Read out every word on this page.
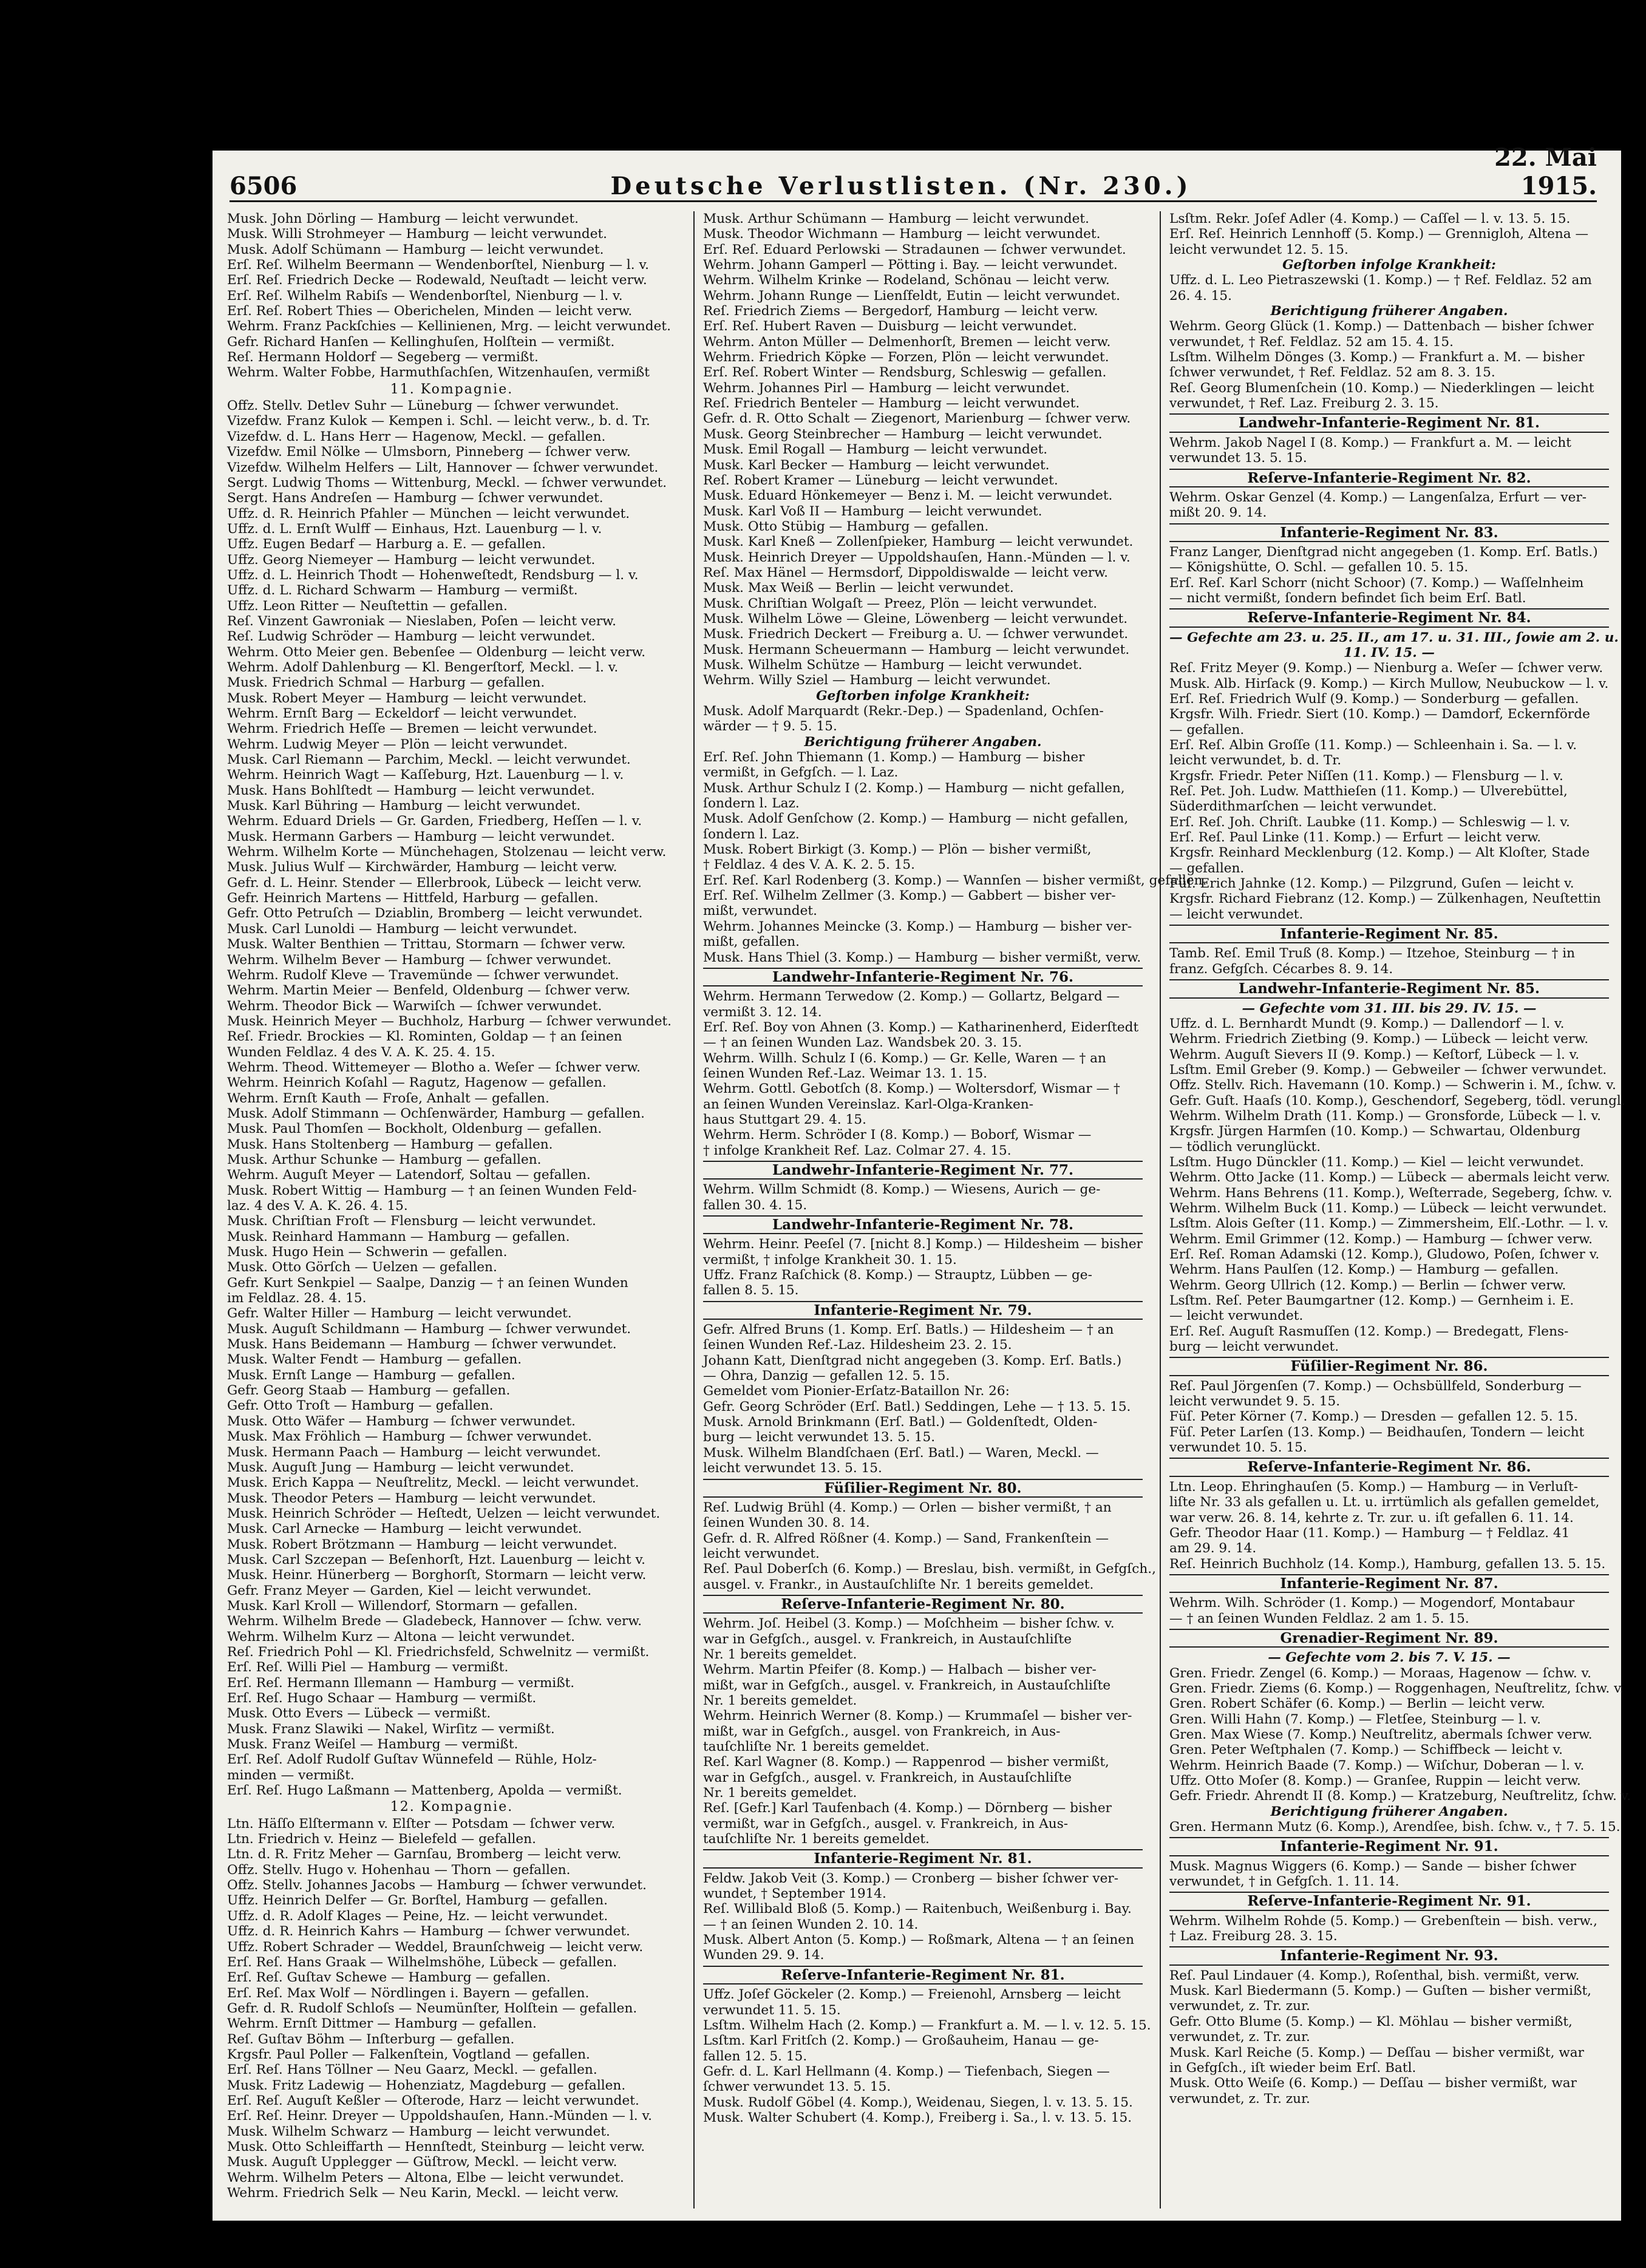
6506	Deutsche Verlustlisten. (Nr. 230.)
22. Mai 1915.
Musk. John Dörling — Hamburg — leicht verwundet.
Musk. Willi Strohmeyer — Hamburg — leicht verwundet.
Musk. Adolf Schümann — Hamburg — leicht verwundet.
Erſ. Reſ. Wilhelm Beermann — Wendenborſtel, Nienburg — l. v.
Erſ. Reſ. Friedrich Decke — Rodewald, Neuſtadt — leicht verw.
Erſ. Reſ. Wilhelm Rabiſs — Wendenborſtel, Nienburg — l. v.
Erſ. Reſ. Robert Thies — Oberichelen, Minden — leicht verw.
Wehrm. Franz Packſchies — Kellinienen, Mrg. — leicht verwundet.
Gefr. Richard Hanſen — Kellinghuſen, Holſtein — vermißt.
Reſ. Hermann Holdorf — Segeberg — vermißt.
Wehrm. Walter Fobbe, Harmuthſachſen, Witzenhauſen, vermißt
11. Kompagnie.
Offz. Stellv. Detlev Suhr — Lüneburg — ſchwer verwundet.
Vizefdw. Franz Kulok — Kempen i. Schl. — leicht verw., b. d. Tr.
Vizefdw. d. L. Hans Herr — Hagenow, Meckl. — gefallen.
Vizefdw. Emil Nölke — Ulmsborn, Pinneberg — ſchwer verw.
Vizefdw. Wilhelm Helfers — Lilt, Hannover — ſchwer verwundet.
Sergt. Ludwig Thoms — Wittenburg, Meckl. — ſchwer verwundet.
Sergt. Hans Andreſen — Hamburg — ſchwer verwundet.
Uffz. d. R. Heinrich Pfahler — München — leicht verwundet.
Uffz. d. L. Ernſt Wulff — Einhaus, Hzt. Lauenburg — l. v.
Uffz. Eugen Bedarf — Harburg a. E. — gefallen.
Uffz. Georg Niemeyer — Hamburg — leicht verwundet.
Uffz. d. L. Heinrich Thodt — Hohenweſtedt, Rendsburg — l. v.
Uffz. d. L. Richard Schwarm — Hamburg — vermißt.
Uffz. Leon Ritter — Neuſtettin — gefallen.
Reſ. Vinzent Gawroniak — Nieslaben, Poſen — leicht verw.
Reſ. Ludwig Schröder — Hamburg — leicht verwundet.
Wehrm. Otto Meier gen. Bebenſee — Oldenburg — leicht verw.
Wehrm. Adolf Dahlenburg — Kl. Bengerſtorf, Meckl. — l. v.
Musk. Friedrich Schmal — Harburg — gefallen.
Musk. Robert Meyer — Hamburg — leicht verwundet.
Wehrm. Ernſt Barg — Eckeldorf — leicht verwundet.
Wehrm. Friedrich Heſſe — Bremen — leicht verwundet.
Wehrm. Ludwig Meyer — Plön — leicht verwundet.
Musk. Carl Riemann — Parchim, Meckl. — leicht verwundet.
Wehrm. Heinrich Wagt — Kaſſeburg, Hzt. Lauenburg — l. v.
Musk. Hans Bohlſtedt — Hamburg — leicht verwundet.
Musk. Karl Bühring — Hamburg — leicht verwundet.
Wehrm. Eduard Driels — Gr. Garden, Friedberg, Heſſen — l. v.
Musk. Hermann Garbers — Hamburg — leicht verwundet.
Wehrm. Wilhelm Korte — Münchehagen, Stolzenau — leicht verw.
Musk. Julius Wulf — Kirchwärder, Hamburg — leicht verw.
Gefr. d. L. Heinr. Stender — Ellerbrook, Lübeck — leicht verw.
Gefr. Heinrich Martens — Hittfeld, Harburg — gefallen.
Gefr. Otto Petruſch — Dziablin, Bromberg — leicht verwundet.
Musk. Carl Lunoldi — Hamburg — leicht verwundet.
Musk. Walter Benthien — Trittau, Stormarn — ſchwer verw.
Wehrm. Wilhelm Bever — Hamburg — ſchwer verwundet.
Wehrm. Rudolf Kleve — Travemünde — ſchwer verwundet.
Wehrm. Martin Meier — Benfeld, Oldenburg — ſchwer verw.
Wehrm. Theodor Bick — Warwiſch — ſchwer verwundet.
Musk. Heinrich Meyer — Buchholz, Harburg — ſchwer verwundet.
Reſ. Friedr. Brockies — Kl. Rominten, Goldap — † an ſeinen
Wunden Feldlaz. 4 des V. A. K. 25. 4. 15.
Wehrm. Theod. Wittemeyer — Blotho a. Weſer — ſchwer verw.
Wehrm. Heinrich Koſahl — Ragutz, Hagenow — gefallen.
Wehrm. Ernſt Kauth — Froſe, Anhalt — gefallen.
Musk. Adolf Stimmann — Ochſenwärder, Hamburg — gefallen.
Musk. Paul Thomſen — Bockholt, Oldenburg — gefallen.
Musk. Hans Stoltenberg — Hamburg — gefallen.
Musk. Arthur Schunke — Hamburg — gefallen.
Wehrm. Auguſt Meyer — Latendorf, Soltau — gefallen.
Musk. Robert Wittig — Hamburg — † an ſeinen Wunden Feld-
laz. 4 des V. A. K. 26. 4. 15.
Musk. Chriſtian Froſt — Flensburg — leicht verwundet.
Musk. Reinhard Hammann — Hamburg — gefallen.
Musk. Hugo Hein — Schwerin — gefallen.
Musk. Otto Görſch — Uelzen — gefallen.
Gefr. Kurt Senkpiel — Saalpe, Danzig — † an ſeinen Wunden
im Feldlaz. 28. 4. 15.
Gefr. Walter Hiller — Hamburg — leicht verwundet.
Musk. Auguſt Schildmann — Hamburg — ſchwer verwundet.
Musk. Hans Beidemann — Hamburg — ſchwer verwundet.
Musk. Walter Fendt — Hamburg — gefallen.
Musk. Ernſt Lange — Hamburg — gefallen.
Gefr. Georg Staab — Hamburg — gefallen.
Gefr. Otto Troſt — Hamburg — gefallen.
Musk. Otto Wäfer — Hamburg — ſchwer verwundet.
Musk. Max Fröhlich — Hamburg — ſchwer verwundet.
Musk. Hermann Paach — Hamburg — leicht verwundet.
Musk. Auguſt Jung — Hamburg — leicht verwundet.
Musk. Erich Kappa — Neuſtrelitz, Meckl. — leicht verwundet.
Musk. Theodor Peters — Hamburg — leicht verwundet.
Musk. Heinrich Schröder — Heſtedt, Uelzen — leicht verwundet.
Musk. Carl Arnecke — Hamburg — leicht verwundet.
Musk. Robert Brötzmann — Hamburg — leicht verwundet.
Musk. Carl Szczepan — Beſenhorſt, Hzt. Lauenburg — leicht v.
Musk. Heinr. Hünerberg — Borghorſt, Stormarn — leicht verw.
Gefr. Franz Meyer — Garden, Kiel — leicht verwundet.
Musk. Karl Kroll — Willendorf, Stormarn — gefallen.
Wehrm. Wilhelm Brede — Gladebeck, Hannover — ſchw. verw.
Wehrm. Wilhelm Kurz — Altona — leicht verwundet.
Reſ. Friedrich Pohl — Kl. Friedrichsfeld, Schwelnitz — vermißt.
Erſ. Reſ. Willi Piel — Hamburg — vermißt.
Erſ. Reſ. Hermann Illemann — Hamburg — vermißt.
Erſ. Reſ. Hugo Schaar — Hamburg — vermißt.
Musk. Otto Evers — Lübeck — vermißt.
Musk. Franz Slawiki — Nakel, Wirſitz — vermißt.
Musk. Franz Weiſel — Hamburg — vermißt.
Erſ. Reſ. Adolf Rudolf Guſtav Wünnefeld — Rühle, Holz-
minden — vermißt.
Erſ. Reſ. Hugo Laßmann — Mattenberg, Apolda — vermißt.
12. Kompagnie.
Ltn. Häſſo Elſtermann v. Elſter — Potsdam — ſchwer verw.
Ltn. Friedrich v. Heinz — Bielefeld — gefallen.
Ltn. d. R. Fritz Meher — Garnſau, Bromberg — leicht verw.
Offz. Stellv. Hugo v. Hohenhau — Thorn — gefallen.
Offz. Stellv. Johannes Jacobs — Hamburg — ſchwer verwundet.
Uffz. Heinrich Delfer — Gr. Borſtel, Hamburg — gefallen.
Uffz. d. R. Adolf Klages — Peine, Hz. — leicht verwundet.
Uffz. d. R. Heinrich Kahrs — Hamburg — ſchwer verwundet.
Uffz. Robert Schrader — Weddel, Braunſchweig — leicht verw.
Erſ. Reſ. Hans Graak — Wilhelmshöhe, Lübeck — gefallen.
Erſ. Reſ. Guſtav Schewe — Hamburg — gefallen.
Erſ. Reſ. Max Wolf — Nördlingen i. Bayern — gefallen.
Gefr. d. R. Rudolf Schloſs — Neumünſter, Holſtein — gefallen.
Wehrm. Ernſt Dittmer — Hamburg — gefallen.
Reſ. Guſtav Böhm — Inſterburg — gefallen.
Krgsfr. Paul Poller — Falkenſtein, Vogtland — gefallen.
Erſ. Reſ. Hans Töllner — Neu Gaarz, Meckl. — gefallen.
Musk. Fritz Ladewig — Hohenziatz, Magdeburg — gefallen.
Erſ. Reſ. Auguſt Keßler — Oſterode, Harz — leicht verwundet.
Erſ. Reſ. Heinr. Dreyer — Uppoldshauſen, Hann.-Münden — l. v.
Musk. Wilhelm Schwarz — Hamburg — leicht verwundet.
Musk. Otto Schleiffarth — Hennſtedt, Steinburg — leicht verw.
Musk. Auguſt Upplegger — Güſtrow, Meckl. — leicht verw.
Wehrm. Wilhelm Peters — Altona, Elbe — leicht verwundet.
Wehrm. Friedrich Selk — Neu Karin, Meckl. — leicht verw.
Musk. Arthur Schümann — Hamburg — leicht verwundet.
Musk. Theodor Wichmann — Hamburg — leicht verwundet.
Erſ. Reſ. Eduard Perlowski — Stradaunen — ſchwer verwundet.
Wehrm. Johann Gamperl — Pötting i. Bay. — leicht verwundet.
Wehrm. Wilhelm Krinke — Rodeland, Schönau — leicht verw.
Wehrm. Johann Runge — Lienſfeldt, Eutin — leicht verwundet.
Reſ. Friedrich Ziems — Bergedorf, Hamburg — leicht verw.
Erſ. Reſ. Hubert Raven — Duisburg — leicht verwundet.
Wehrm. Anton Müller — Delmenhorſt, Bremen — leicht verw.
Wehrm. Friedrich Köpke — Forzen, Plön — leicht verwundet.
Erſ. Reſ. Robert Winter — Rendsburg, Schleswig — gefallen.
Wehrm. Johannes Pirl — Hamburg — leicht verwundet.
Reſ. Friedrich Benteler — Hamburg — leicht verwundet.
Gefr. d. R. Otto Schalt — Ziegenort, Marienburg — ſchwer verw.
Musk. Georg Steinbrecher — Hamburg — leicht verwundet.
Musk. Emil Rogall — Hamburg — leicht verwundet.
Musk. Karl Becker — Hamburg — leicht verwundet.
Reſ. Robert Kramer — Lüneburg — leicht verwundet.
Musk. Eduard Hönkemeyer — Benz i. M. — leicht verwundet.
Musk. Karl Voß II — Hamburg — leicht verwundet.
Musk. Otto Stübig — Hamburg — gefallen.
Musk. Karl Kneß — Zollenſpieker, Hamburg — leicht verwundet.
Musk. Heinrich Dreyer — Uppoldshauſen, Hann.-Münden — l. v.
Reſ. Max Hänel — Hermsdorf, Dippoldiswalde — leicht verw.
Musk. Max Weiß — Berlin — leicht verwundet.
Musk. Chriſtian Wolgaſt — Preez, Plön — leicht verwundet.
Musk. Wilhelm Löwe — Gleine, Löwenberg — leicht verwundet.
Musk. Friedrich Deckert — Freiburg a. U. — ſchwer verwundet.
Musk. Hermann Scheuermann — Hamburg — leicht verwundet.
Musk. Wilhelm Schütze — Hamburg — leicht verwundet.
Wehrm. Willy Sziel — Hamburg — leicht verwundet.
Geſtorben infolge Krankheit:
Musk. Adolf Marquardt (Rekr.-Dep.) — Spadenland, Ochſen-
wärder — † 9. 5. 15.
Berichtigung früherer Angaben.
Erſ. Reſ. John Thiemann (1. Komp.) — Hamburg — bisher
vermißt, in Gefgſch. — l. Laz.
Musk. Arthur Schulz I (2. Komp.) — Hamburg — nicht gefallen,
ſondern l. Laz.
Musk. Adolf Genſchow (2. Komp.) — Hamburg — nicht gefallen,
ſondern l. Laz.
Musk. Robert Birkigt (3. Komp.) — Plön — bisher vermißt,
† Feldlaz. 4 des V. A. K. 2. 5. 15.
Erſ. Reſ. Karl Rodenberg (3. Komp.) — Wannſen — bisher vermißt, gefallen.
Erſ. Reſ. Wilhelm Zellmer (3. Komp.) — Gabbert — bisher ver-
mißt, verwundet.
Wehrm. Johannes Meincke (3. Komp.) — Hamburg — bisher ver-
mißt, gefallen.
Musk. Hans Thiel (3. Komp.) — Hamburg — bisher vermißt, verw.
Landwehr-Infanterie-Regiment Nr. 76.
Wehrm. Hermann Terwedow (2. Komp.) — Gollartz, Belgard —
vermißt 3. 12. 14.
Erſ. Reſ. Boy von Ahnen (3. Komp.) — Katharinenherd, Eiderſtedt
— † an ſeinen Wunden Laz. Wandsbek 20. 3. 15.
Wehrm. Willh. Schulz I (6. Komp.) — Gr. Kelle, Waren — † an
ſeinen Wunden Ref.-Laz. Weimar 13. 1. 15.
Wehrm. Gottl. Gebotſch (8. Komp.) — Woltersdorf, Wismar — †
an ſeinen Wunden Vereinslaz. Karl-Olga-Kranken-
haus Stuttgart 29. 4. 15.
Wehrm. Herm. Schröder I (8. Komp.) — Boborf, Wismar —
† infolge Krankheit Ref. Laz. Colmar 27. 4. 15.
Landwehr-Infanterie-Regiment Nr. 77.
Wehrm. Willm Schmidt (8. Komp.) — Wiesens, Aurich — ge-
fallen 30. 4. 15.
Landwehr-Infanterie-Regiment Nr. 78.
Wehrm. Heinr. Peeſel (7. [nicht 8.] Komp.) — Hildesheim — bisher
vermißt, † infolge Krankheit 30. 1. 15.
Uffz. Franz Raſchick (8. Komp.) — Strauptz, Lübben — ge-
fallen 8. 5. 15.
Infanterie-Regiment Nr. 79.
Gefr. Alfred Bruns (1. Komp. Erſ. Batls.) — Hildesheim — † an
ſeinen Wunden Ref.-Laz. Hildesheim 23. 2. 15.
Johann Katt, Dienſtgrad nicht angegeben (3. Komp. Erſ. Batls.)
— Ohra, Danzig — gefallen 12. 5. 15.
Gemeldet vom Pionier-Erſatz-Bataillon Nr. 26:
Gefr. Georg Schröder (Erſ. Batl.) Seddingen, Lehe — † 13. 5. 15.
Musk. Arnold Brinkmann (Erſ. Batl.) — Goldenſtedt, Olden-
burg — leicht verwundet 13. 5. 15.
Musk. Wilhelm Blandſchaen (Erſ. Batl.) — Waren, Meckl. —
leicht verwundet 13. 5. 15.
Füſilier-Regiment Nr. 80.
Reſ. Ludwig Brühl (4. Komp.) — Orlen — bisher vermißt, † an
ſeinen Wunden 30. 8. 14.
Gefr. d. R. Alfred Rößner (4. Komp.) — Sand, Frankenſtein —
leicht verwundet.
Reſ. Paul Doberſch (6. Komp.) — Breslau, bish. vermißt, in Gefgſch.,
ausgel. v. Frankr., in Austauſchliſte Nr. 1 bereits gemeldet.
Reſerve-Infanterie-Regiment Nr. 80.
Wehrm. Joſ. Heibel (3. Komp.) — Moſchheim — bisher ſchw. v.
war in Gefgſch., ausgel. v. Frankreich, in Austauſchliſte
Nr. 1 bereits gemeldet.
Wehrm. Martin Pfeifer (8. Komp.) — Halbach — bisher ver-
mißt, war in Gefgſch., ausgel. v. Frankreich, in Austauſchliſte
Nr. 1 bereits gemeldet.
Wehrm. Heinrich Werner (8. Komp.) — Krummaſel — bisher ver-
mißt, war in Gefgſch., ausgel. von Frankreich, in Aus-
tauſchliſte Nr. 1 bereits gemeldet.
Reſ. Karl Wagner (8. Komp.) — Rappenrod — bisher vermißt,
war in Gefgſch., ausgel. v. Frankreich, in Austauſchliſte
Nr. 1 bereits gemeldet.
Reſ. [Gefr.] Karl Taufenbach (4. Komp.) — Dörnberg — bisher
vermißt, war in Gefgſch., ausgel. v. Frankreich, in Aus-
tauſchliſte Nr. 1 bereits gemeldet.
Infanterie-Regiment Nr. 81.
Feldw. Jakob Veit (3. Komp.) — Cronberg — bisher ſchwer ver-
wundet, † September 1914.
Reſ. Willibald Bloß (5. Komp.) — Raitenbuch, Weißenburg i. Bay.
— † an ſeinen Wunden 2. 10. 14.
Musk. Albert Anton (5. Komp.) — Roßmark, Altena — † an ſeinen
Wunden 29. 9. 14.
Reſerve-Infanterie-Regiment Nr. 81.
Uffz. Joſef Göckeler (2. Komp.) — Freienohl, Arnsberg — leicht
verwundet 11. 5. 15.
Lsſtm. Wilhelm Hach (2. Komp.) — Frankfurt a. M. — l. v. 12. 5. 15.
Lsſtm. Karl Fritſch (2. Komp.) — Großauheim, Hanau — ge-
fallen 12. 5. 15.
Gefr. d. L. Karl Hellmann (4. Komp.) — Tiefenbach, Siegen —
ſchwer verwundet 13. 5. 15.
Musk. Rudolf Göbel (4. Komp.), Weidenau, Siegen, l. v. 13. 5. 15.
Musk. Walter Schubert (4. Komp.), Freiberg i. Sa., l. v. 13. 5. 15.
Lsſtm. Rekr. Joſef Adler (4. Komp.) — Caſſel — l. v. 13. 5. 15.
Erſ. Reſ. Heinrich Lennhoff (5. Komp.) — Grennigloh, Altena —
leicht verwundet 12. 5. 15.
Geſtorben infolge Krankheit:
Uffz. d. L. Leo Pietraszewski (1. Komp.) — † Ref. Feldlaz. 52 am
26. 4. 15.
Berichtigung früherer Angaben.
Wehrm. Georg Glück (1. Komp.) — Dattenbach — bisher ſchwer
verwundet, † Ref. Feldlaz. 52 am 15. 4. 15.
Lsſtm. Wilhelm Dönges (3. Komp.) — Frankfurt a. M. — bisher
ſchwer verwundet, † Ref. Feldlaz. 52 am 8. 3. 15.
Reſ. Georg Blumenſchein (10. Komp.) — Niederklingen — leicht
verwundet, † Ref. Laz. Freiburg 2. 3. 15.
Landwehr-Infanterie-Regiment Nr. 81.
Wehrm. Jakob Nagel I (8. Komp.) — Frankfurt a. M. — leicht
verwundet 13. 5. 15.
Reſerve-Infanterie-Regiment Nr. 82.
Wehrm. Oskar Genzel (4. Komp.) — Langenſalza, Erfurt — ver-
mißt 20. 9. 14.
Infanterie-Regiment Nr. 83.
Franz Langer, Dienſtgrad nicht angegeben (1. Komp. Erſ. Batls.)
— Königshütte, O. Schl. — gefallen 10. 5. 15.
Erſ. Reſ. Karl Schorr (nicht Schoor) (7. Komp.) — Waſſelnheim
— nicht vermißt, ſondern befindet ſich beim Erſ. Batl.
Reſerve-Infanterie-Regiment Nr. 84.
— Gefechte am 23. u. 25. II., am 17. u. 31. III., ſowie am 2. u.
11. IV. 15. —
Reſ. Fritz Meyer (9. Komp.) — Nienburg a. Weſer — ſchwer verw.
Musk. Alb. Hirſack (9. Komp.) — Kirch Mullow, Neubuckow — l. v.
Erſ. Reſ. Friedrich Wulf (9. Komp.) — Sonderburg — gefallen.
Krgsfr. Wilh. Friedr. Siert (10. Komp.) — Damdorf, Eckernförde
— gefallen.
Erſ. Reſ. Albin Groſſe (11. Komp.) — Schleenhain i. Sa. — l. v.
leicht verwundet, b. d. Tr.
Krgsfr. Friedr. Peter Niſſen (11. Komp.) — Flensburg — l. v.
Reſ. Pet. Joh. Ludw. Matthieſen (11. Komp.) — Ulverebüttel,
Süderdithmarſchen — leicht verwundet.
Erſ. Reſ. Joh. Chriſt. Laubke (11. Komp.) — Schleswig — l. v.
Erſ. Reſ. Paul Linke (11. Komp.) — Erfurt — leicht verw.
Krgsfr. Reinhard Mecklenburg (12. Komp.) — Alt Kloſter, Stade
— gefallen.
Füſ. Erich Jahnke (12. Komp.) — Pilzgrund, Guſen — leicht v.
Krgsfr. Richard Fiebranz (12. Komp.) — Zülkenhagen, Neuſtettin
— leicht verwundet.
Infanterie-Regiment Nr. 85.
Tamb. Reſ. Emil Truß (8. Komp.) — Itzehoe, Steinburg — † in
franz. Gefgſch. Cécarbes 8. 9. 14.
Landwehr-Infanterie-Regiment Nr. 85.
— Gefechte vom 31. III. bis 29. IV. 15. —
Uffz. d. L. Bernhardt Mundt (9. Komp.) — Dallendorf — l. v.
Wehrm. Friedrich Zietbing (9. Komp.) — Lübeck — leicht verw.
Wehrm. Auguſt Sievers II (9. Komp.) — Keſtorf, Lübeck — l. v.
Lsſtm. Emil Greber (9. Komp.) — Gebweiler — ſchwer verwundet.
Offz. Stellv. Rich. Havemann (10. Komp.) — Schwerin i. M., ſchw. v.
Gefr. Guſt. Haaſs (10. Komp.), Geschendorf, Segeberg, tödl. verungl.
Wehrm. Wilhelm Drath (11. Komp.) — Gronsforde, Lübeck — l. v.
Krgsfr. Jürgen Harmſen (10. Komp.) — Schwartau, Oldenburg
— tödlich verunglückt.
Lsſtm. Hugo Dünckler (11. Komp.) — Kiel — leicht verwundet.
Wehrm. Otto Jacke (11. Komp.) — Lübeck — abermals leicht verw.
Wehrm. Hans Behrens (11. Komp.), Weſterrade, Segeberg, ſchw. v.
Wehrm. Wilhelm Buck (11. Komp.) — Lübeck — leicht verwundet.
Lsſtm. Alois Geſter (11. Komp.) — Zimmersheim, Elſ.-Lothr. — l. v.
Wehrm. Emil Grimmer (12. Komp.) — Hamburg — ſchwer verw.
Erſ. Reſ. Roman Adamski (12. Komp.), Gludowo, Poſen, ſchwer v.
Wehrm. Hans Paulſen (12. Komp.) — Hamburg — gefallen.
Wehrm. Georg Ullrich (12. Komp.) — Berlin — ſchwer verw.
Lsſtm. Reſ. Peter Baumgartner (12. Komp.) — Gernheim i. E.
— leicht verwundet.
Erſ. Reſ. Auguſt Rasmuſſen (12. Komp.) — Bredegatt, Flens-
burg — leicht verwundet.
Füſilier-Regiment Nr. 86.
Reſ. Paul Jörgenſen (7. Komp.) — Ochsbüllfeld, Sonderburg —
leicht verwundet 9. 5. 15.
Füſ. Peter Körner (7. Komp.) — Dresden — gefallen 12. 5. 15.
Füſ. Peter Larſen (13. Komp.) — Beidhauſen, Tondern — leicht
verwundet 10. 5. 15.
Reſerve-Infanterie-Regiment Nr. 86.
Ltn. Leop. Ehringhauſen (5. Komp.) — Hamburg — in Verluſt-
liſte Nr. 33 als gefallen u. Lt. u. irrtümlich als gefallen gemeldet,
war verw. 26. 8. 14, kehrte z. Tr. zur. u. iſt gefallen 6. 11. 14.
Gefr. Theodor Haar (11. Komp.) — Hamburg — † Feldlaz. 41
am 29. 9. 14.
Reſ. Heinrich Buchholz (14. Komp.), Hamburg, gefallen 13. 5. 15.
Infanterie-Regiment Nr. 87.
Wehrm. Wilh. Schröder (1. Komp.) — Mogendorf, Montabaur
— † an ſeinen Wunden Feldlaz. 2 am 1. 5. 15.
Grenadier-Regiment Nr. 89.
— Gefechte vom 2. bis 7. V. 15. —
Gren. Friedr. Zengel (6. Komp.) — Moraas, Hagenow — ſchw. v.
Gren. Friedr. Ziems (6. Komp.) — Roggenhagen, Neuſtrelitz, ſchw. v.
Gren. Robert Schäfer (6. Komp.) — Berlin — leicht verw.
Gren. Willi Hahn (7. Komp.) — Fletſee, Steinburg — l. v.
Gren. Max Wiese (7. Komp.) Neuſtrelitz, abermals ſchwer verw.
Gren. Peter Weſtphalen (7. Komp.) — Schiffbeck — leicht v.
Wehrm. Heinrich Baade (7. Komp.) — Wiſchur, Doberan — l. v.
Uffz. Otto Moſer (8. Komp.) — Granſee, Ruppin — leicht verw.
Gefr. Friedr. Ahrendt II (8. Komp.) — Kratzeburg, Neuſtrelitz, ſchw. v.
Berichtigung früherer Angaben.
Gren. Hermann Mutz (6. Komp.), Arendſee, bish. ſchw. v., † 7. 5. 15.
Infanterie-Regiment Nr. 91.
Musk. Magnus Wiggers (6. Komp.) — Sande — bisher ſchwer
verwundet, † in Gefgſch. 1. 11. 14.
Reſerve-Infanterie-Regiment Nr. 91.
Wehrm. Wilhelm Rohde (5. Komp.) — Grebenſtein — bish. verw.,
† Laz. Freiburg 28. 3. 15.
Infanterie-Regiment Nr. 93.
Reſ. Paul Lindauer (4. Komp.), Roſenthal, bish. vermißt, verw.
Musk. Karl Biedermann (5. Komp.) — Guſten — bisher vermißt,
verwundet, z. Tr. zur.
Gefr. Otto Blume (5. Komp.) — Kl. Möhlau — bisher vermißt,
verwundet, z. Tr. zur.
Musk. Karl Reiche (5. Komp.) — Deſſau — bisher vermißt, war
in Gefgſch., iſt wieder beim Erſ. Batl.
Musk. Otto Weiſe (6. Komp.) — Deſſau — bisher vermißt, war
verwundet, z. Tr. zur.
